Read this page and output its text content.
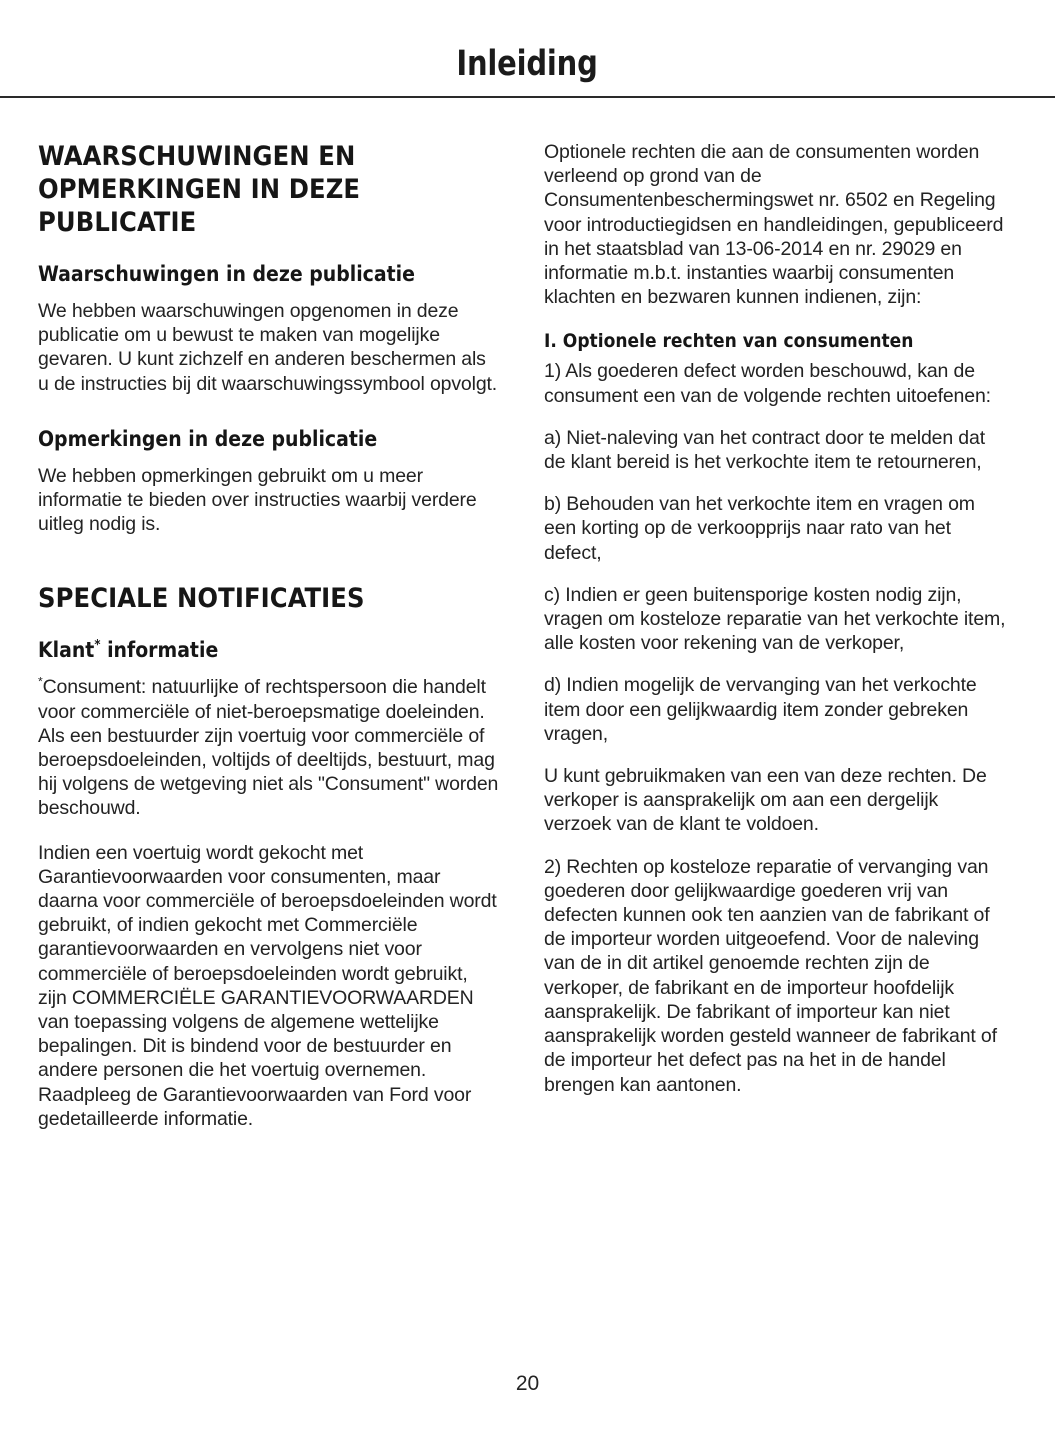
Inleiding
WAARSCHUWINGEN EN OPMERKINGEN IN DEZE PUBLICATIE
Waarschuwingen in deze publicatie

We hebben waarschuwingen opgenomen in deze publicatie om u bewust te maken van mogelijke gevaren. U kunt zichzelf en anderen beschermen als u de instructies bij dit waarschuwingssymbool opvolgt.

Opmerkingen in deze publicatie

We hebben opmerkingen gebruikt om u meer informatie te bieden over instructies waarbij verdere uitleg nodig is.

SPECIALE NOTIFICATIES
Klant* informatie

*Consument: natuurlijke of rechtspersoon die handelt voor commerciële of niet-beroepsmatige doeleinden. Als een bestuurder zijn voertuig voor commerciële of beroepsdoeleinden, voltijds of deeltijds, bestuurt, mag hij volgens de wetgeving niet als "Consument" worden beschouwd.

Indien een voertuig wordt gekocht met Garantievoorwaarden voor consumenten, maar daarna voor commerciële of beroepsdoeleinden wordt gebruikt, of indien gekocht met Commerciële garantievoorwaarden en vervolgens niet voor commerciële of beroepsdoeleinden wordt gebruikt, zijn COMMERCIËLE GARANTIEVOORWAARDEN van toepassing volgens de algemene wettelijke bepalingen. Dit is bindend voor de bestuurder en andere personen die het voertuig overnemen. Raadpleeg de Garantievoorwaarden van Ford voor gedetailleerde informatie.

Optionele rechten die aan de consumenten worden verleend op grond van de Consumentenbeschermingswet nr. 6502 en Regeling voor introductiegidsen en handleidingen, gepubliceerd in het staatsblad van 13-06-2014 en nr. 29029 en informatie m.b.t. instanties waarbij consumenten klachten en bezwaren kunnen indienen, zijn:

I. Optionele rechten van consumenten

1) Als goederen defect worden beschouwd, kan de consument een van de volgende rechten uitoefenen:

a) Niet-naleving van het contract door te melden dat de klant bereid is het verkochte item te retourneren,

b) Behouden van het verkochte item en vragen om een korting op de verkoopprijs naar rato van het defect,

c) Indien er geen buitensporige kosten nodig zijn, vragen om kosteloze reparatie van het verkochte item, alle kosten voor rekening van de verkoper,

d) Indien mogelijk de vervanging van het verkochte item door een gelijkwaardig item zonder gebreken vragen,

U kunt gebruikmaken van een van deze rechten. De verkoper is aansprakelijk om aan een dergelijk verzoek van de klant te voldoen.

2) Rechten op kosteloze reparatie of vervanging van goederen door gelijkwaardige goederen vrij van defecten kunnen ook ten aanzien van de fabrikant of de importeur worden uitgeoefend. Voor de naleving van de in dit artikel genoemde rechten zijn de verkoper, de fabrikant en de importeur hoofdelijk aansprakelijk. De fabrikant of importeur kan niet aansprakelijk worden gesteld wanneer de fabrikant of de importeur het defect pas na het in de handel brengen kan aantonen.

20
